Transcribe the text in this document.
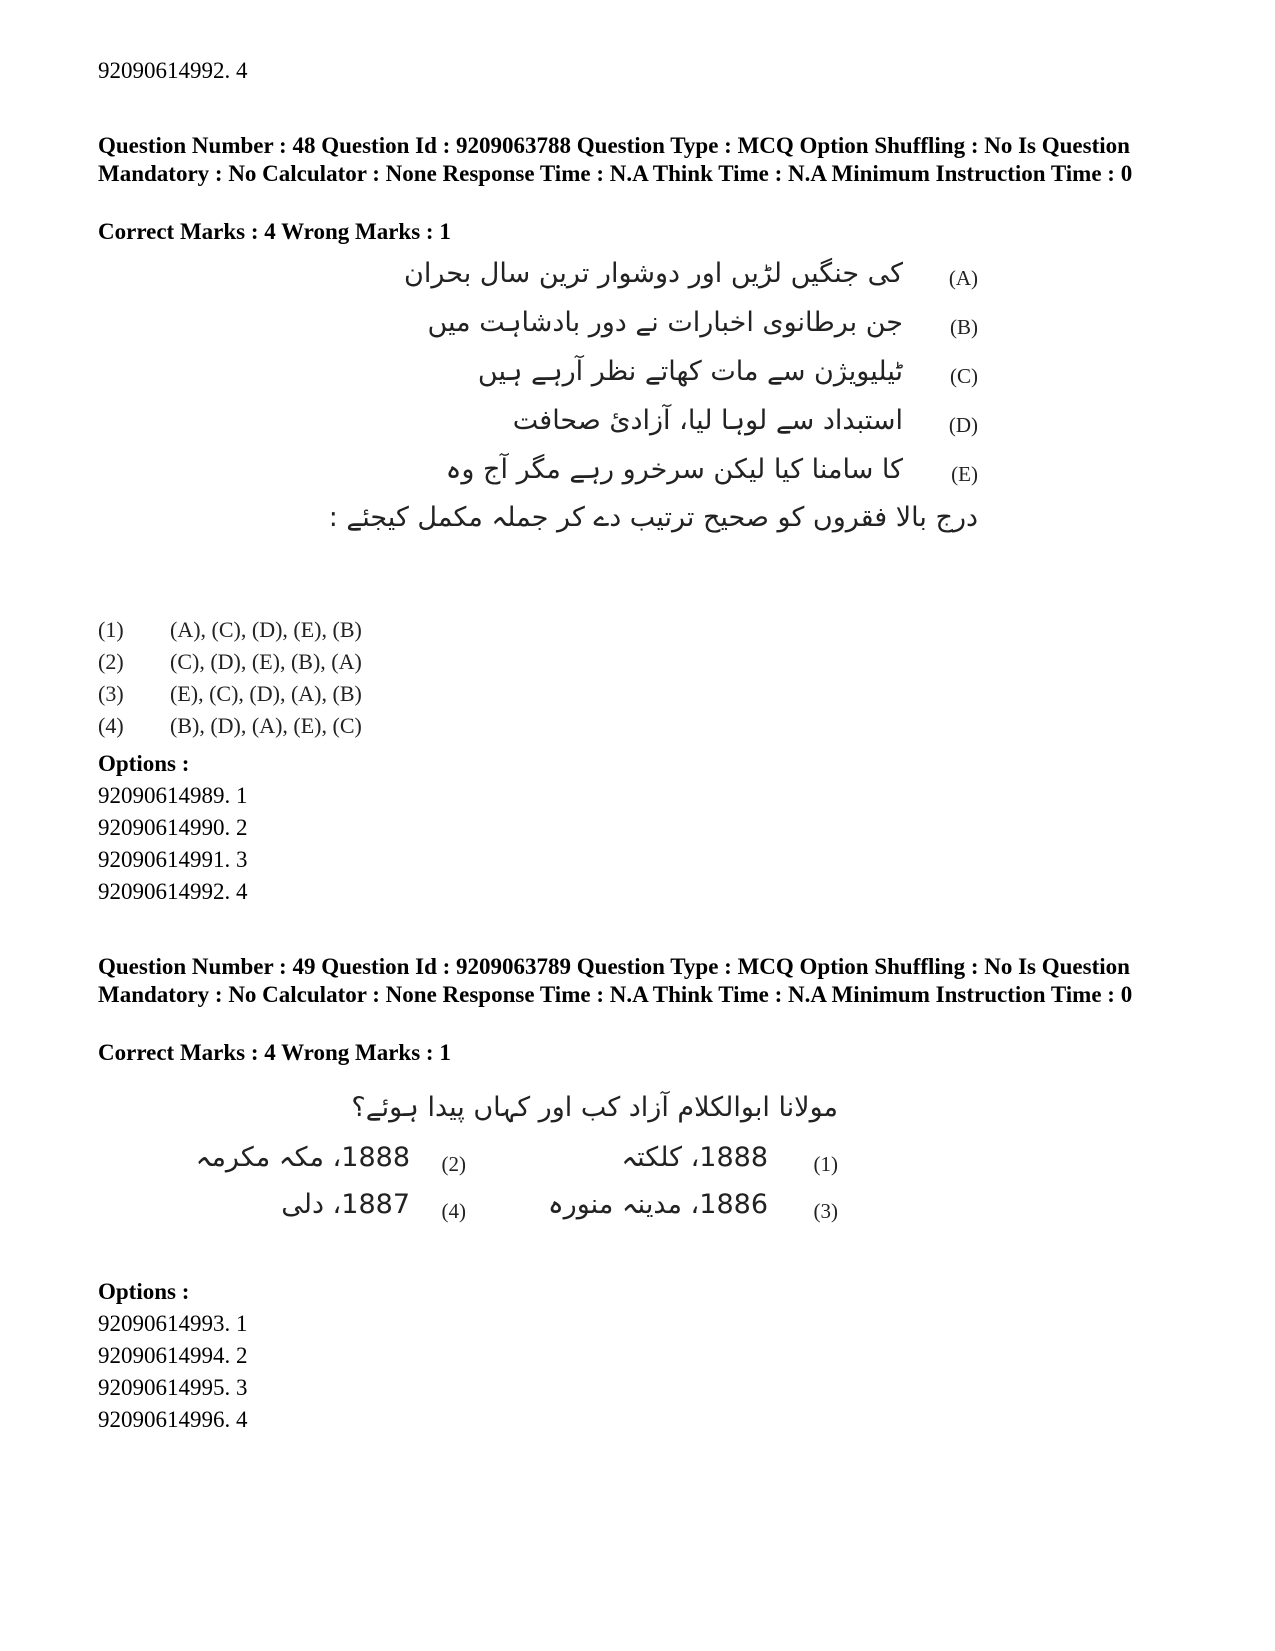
92090614992. 4
Question Number : 48 Question Id : 9209063788 Question Type : MCQ Option Shuffling : No Is Question Mandatory : No Calculator : None Response Time : N.A Think Time : N.A Minimum Instruction Time : 0
Correct Marks : 4 Wrong Marks : 1
کی جنگیں لڑیں اور دوشوار ترین سال بحران (A)
جن برطانوی اخبارات نے دور بادشاہت میں (B)
ٹیلیویژن سے مات کھاتے نظر آرہے ہیں (C)
استبداد سے لوہا لیا، آزادئ صحافت (D)
کا سامنا کیا لیکن سرخرو رہے مگر آج وہ (E)
درج بالا فقروں کو صحیح ترتیب دے کر جملہ مکمل کیجئے :
(1) (A), (C), (D), (E), (B)
(2) (C), (D), (E), (B), (A)
(3) (E), (C), (D), (A), (B)
(4) (B), (D), (A), (E), (C)
Options :
92090614989. 1
92090614990. 2
92090614991. 3
92090614992. 4
Question Number : 49 Question Id : 9209063789 Question Type : MCQ Option Shuffling : No Is Question Mandatory : No Calculator : None Response Time : N.A Think Time : N.A Minimum Instruction Time : 0
Correct Marks : 4 Wrong Marks : 1
مولانا ابوالکلام آزاد کب اور کہاں پیدا ہوئے؟
(1)
1888، کلکتہ
(2)
1888، مکہ مکرمہ
(3)
1886، مدینہ منورہ
(4)
1887، دلی
Options :
92090614993. 1
92090614994. 2
92090614995. 3
92090614996. 4
